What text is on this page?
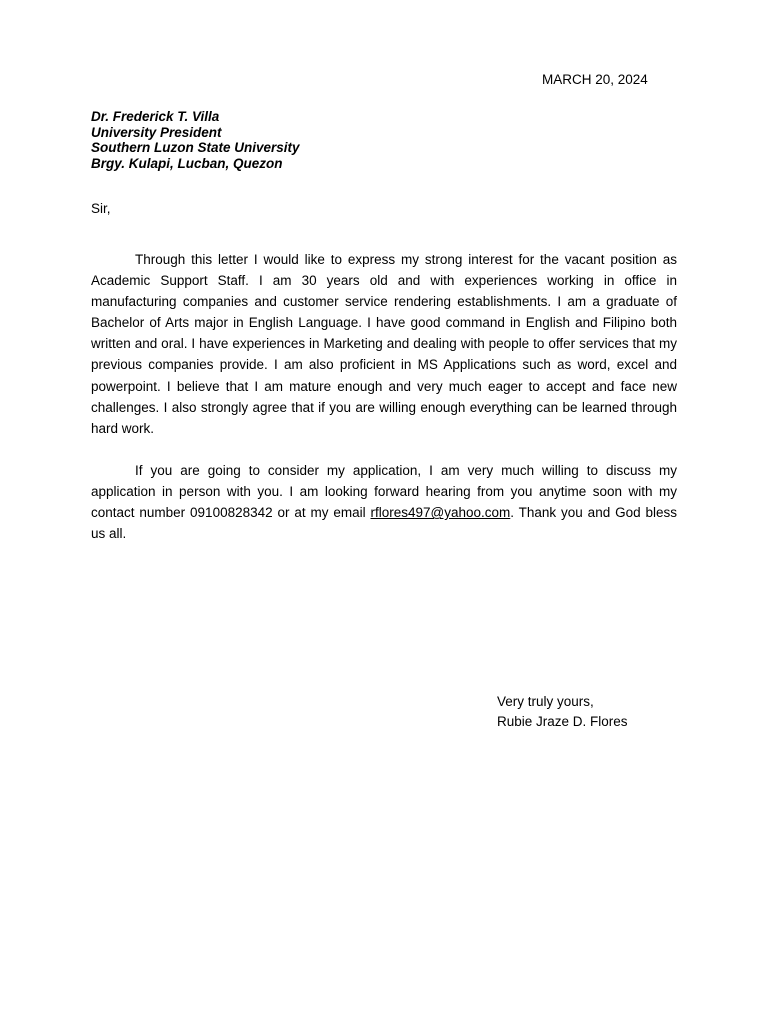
MARCH 20, 2024
Dr. Frederick T. Villa
University President
Southern Luzon State University
Brgy. Kulapi, Lucban, Quezon
Sir,

Through this letter I would like to express my strong interest for the vacant position as Academic Support Staff. I am 30 years old and with experiences working in office in manufacturing companies and customer service rendering establishments. I am a graduate of Bachelor of Arts major in English Language. I have good command in English and Filipino both written and oral. I have experiences in Marketing and dealing with people to offer services that my previous companies provide. I am also proficient in MS Applications such as word, excel and powerpoint. I believe that I am mature enough and very much eager to accept and face new challenges. I also strongly agree that if you are willing enough everything can be learned through hard work.

If you are going to consider my application, I am very much willing to discuss my application in person with you. I am looking forward hearing from you anytime soon with my contact number 09100828342 or at my email rflores497@yahoo.com. Thank you and God bless us all.

Very truly yours,
Rubie Jraze D. Flores
